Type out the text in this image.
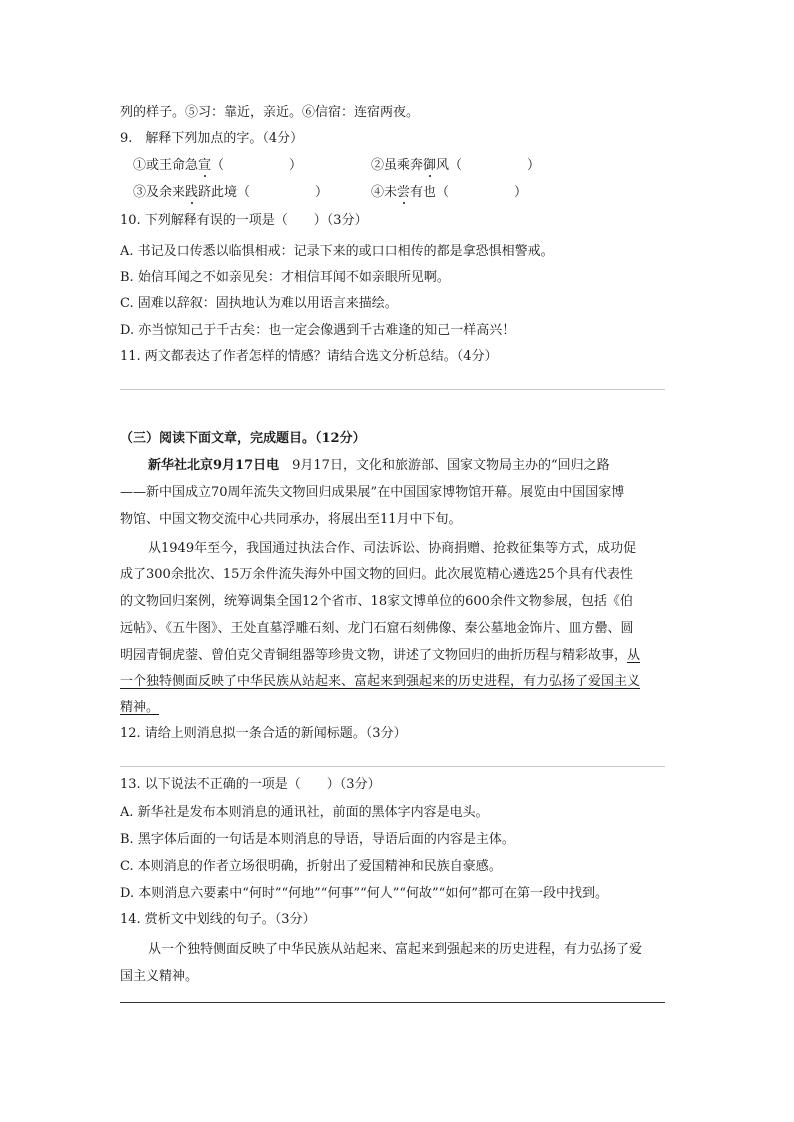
列的样子。⑤习：靠近，亲近。⑥信宿：连宿两夜。
9.　解释下列加点的字。（4分）
①或王命急宣（　　　　　）	②虽乘奔御风（　　　　　）
③及余来践跻此境（　　　　　）	④未尝有也（　　　　　）
10. 下列解释有误的一项是（　　）（3分）
A. 书记及口传悉以临惧相戒：记录下来的或口口相传的都是拿恐惧相警戒。
B. 始信耳闻之不如亲见矣：才相信耳闻不如亲眼所见啊。
C. 固难以辞叙：固执地认为难以用语言来描绘。
D. 亦当惊知己于千古矣：也一定会像遇到千古难逢的知己一样高兴！
11. 两文都表达了作者怎样的情感？请结合选文分析总结。（4分）
（三）阅读下面文章，完成题目。（12分）
新华社北京9月17日电　9月17日，文化和旅游部、国家文物局主办的“回归之路
——新中国成立70周年流失文物回归成果展”在中国国家博物馆开幕。展览由中国国家博
物馆、中国文物交流中心共同承办，将展出至11月中下旬。
从1949年至今，我国通过执法合作、司法诉讼、协商捐赠、抢救征集等方式，成功促
成了300余批次、15万余件流失海外中国文物的回归。此次展览精心遴选25个具有代表性
的文物回归案例，统筹调集全国12个省市、18家文博单位的600余件文物参展，包括《伯
远帖》、《五牛图》、王处直墓浮雕石刻、龙门石窟石刻佛像、秦公墓地金饰片、皿方罍、圆
明园青铜虎蓥、曾伯克父青铜组器等珍贵文物，讲述了文物回归的曲折历程与精彩故事，从
一个独特侧面反映了中华民族从站起来、富起来到强起来的历史进程，有力弘扬了爱国主义
精神。
12. 请给上则消息拟一条合适的新闻标题。（3分）
13. 以下说法不正确的一项是（　　）（3分）
A. 新华社是发布本则消息的通讯社，前面的黑体字内容是电头。
B. 黑字体后面的一句话是本则消息的导语，导语后面的内容是主体。
C. 本则消息的作者立场很明确，折射出了爱国精神和民族自豪感。
D. 本则消息六要素中“何时”“何地”“何事”“何人”“何故”“如何”都可在第一段中找到。
14. 赏析文中划线的句子。（3分）
从一个独特侧面反映了中华民族从站起来、富起来到强起来的历史进程，有力弘扬了爱
国主义精神。
